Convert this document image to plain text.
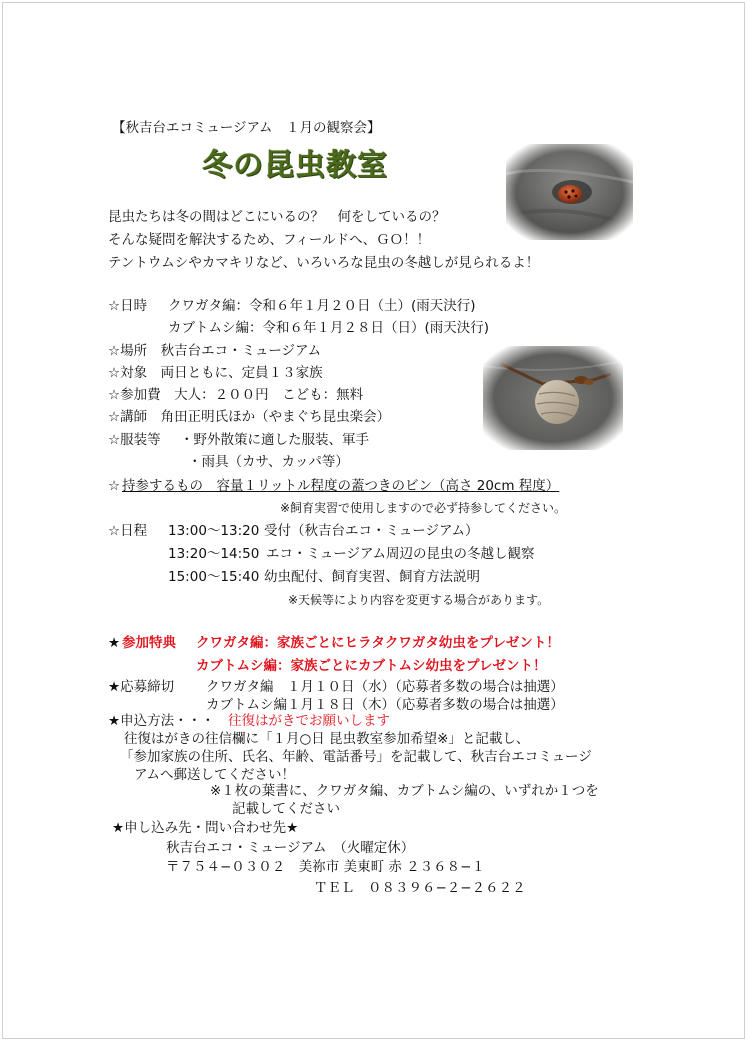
【秋吉台エコミュージアム　１月の観察会】
冬の昆虫教室
昆虫たちは冬の間はどこにいるの？　何をしているの？
そんな疑問を解決するため、フィールドへ、ＧＯ！！
テントウムシやカマキリなど、いろいろな昆虫の冬越しが見られるよ！
☆日時 クワガタ編：令和６年１月２０日（土）(雨天決行)
カブトムシ編：令和６年１月２８日（日）(雨天決行)
☆場所　秋吉台エコ・ミュージアム
☆対象　両日ともに、定員１３家族
☆参加費　大人：２００円　こども：無料
☆講師　角田正明氏ほか（やまぐち昆虫楽会）
☆服装等 ・野外散策に適した服装、軍手
・雨具（カサ、カッパ等）
☆ 持参するもの　容量１リットル程度の蓋つきのビン（高さ 20cm 程度）
※飼育実習で使用しますので必ず持参してください。
☆日程 13:00〜13:20 受付（秋吉台エコ・ミュージアム）
13:20〜14:50 エコ・ミュージアム周辺の昆虫の冬越し観察
15:00〜15:40 幼虫配付、飼育実習、飼育方法説明
※天候等により内容を変更する場合があります。
★ 参加特典 クワガタ編：家族ごとにヒラタクワガタ幼虫をプレゼント！
カブトムシ編：家族ごとにカブトムシ幼虫をプレゼント！
★応募締切 クワガタ編　１月１０日（水）（応募者多数の場合は抽選）
カブトムシ編１月１８日（木）（応募者多数の場合は抽選）
★申込方法・・・ 往復はがきでお願いします
往復はがきの往信欄に「１月○日 昆虫教室参加希望※」と記載し、
「参加家族の住所、氏名、年齢、電話番号」を記載して、秋吉台エコミュージ
アムへ郵送してください！
※１枚の葉書に、クワガタ編、カブトムシ編の、いずれか１つを
記載してください
★申し込み先・問い合わせ先★
秋吉台エコ・ミュージアム　（火曜定休）
〒７５４−０３０２　美祢市 美東町 赤 ２３６８−１
ＴＥＬ　０８３９６−２−２６２２
